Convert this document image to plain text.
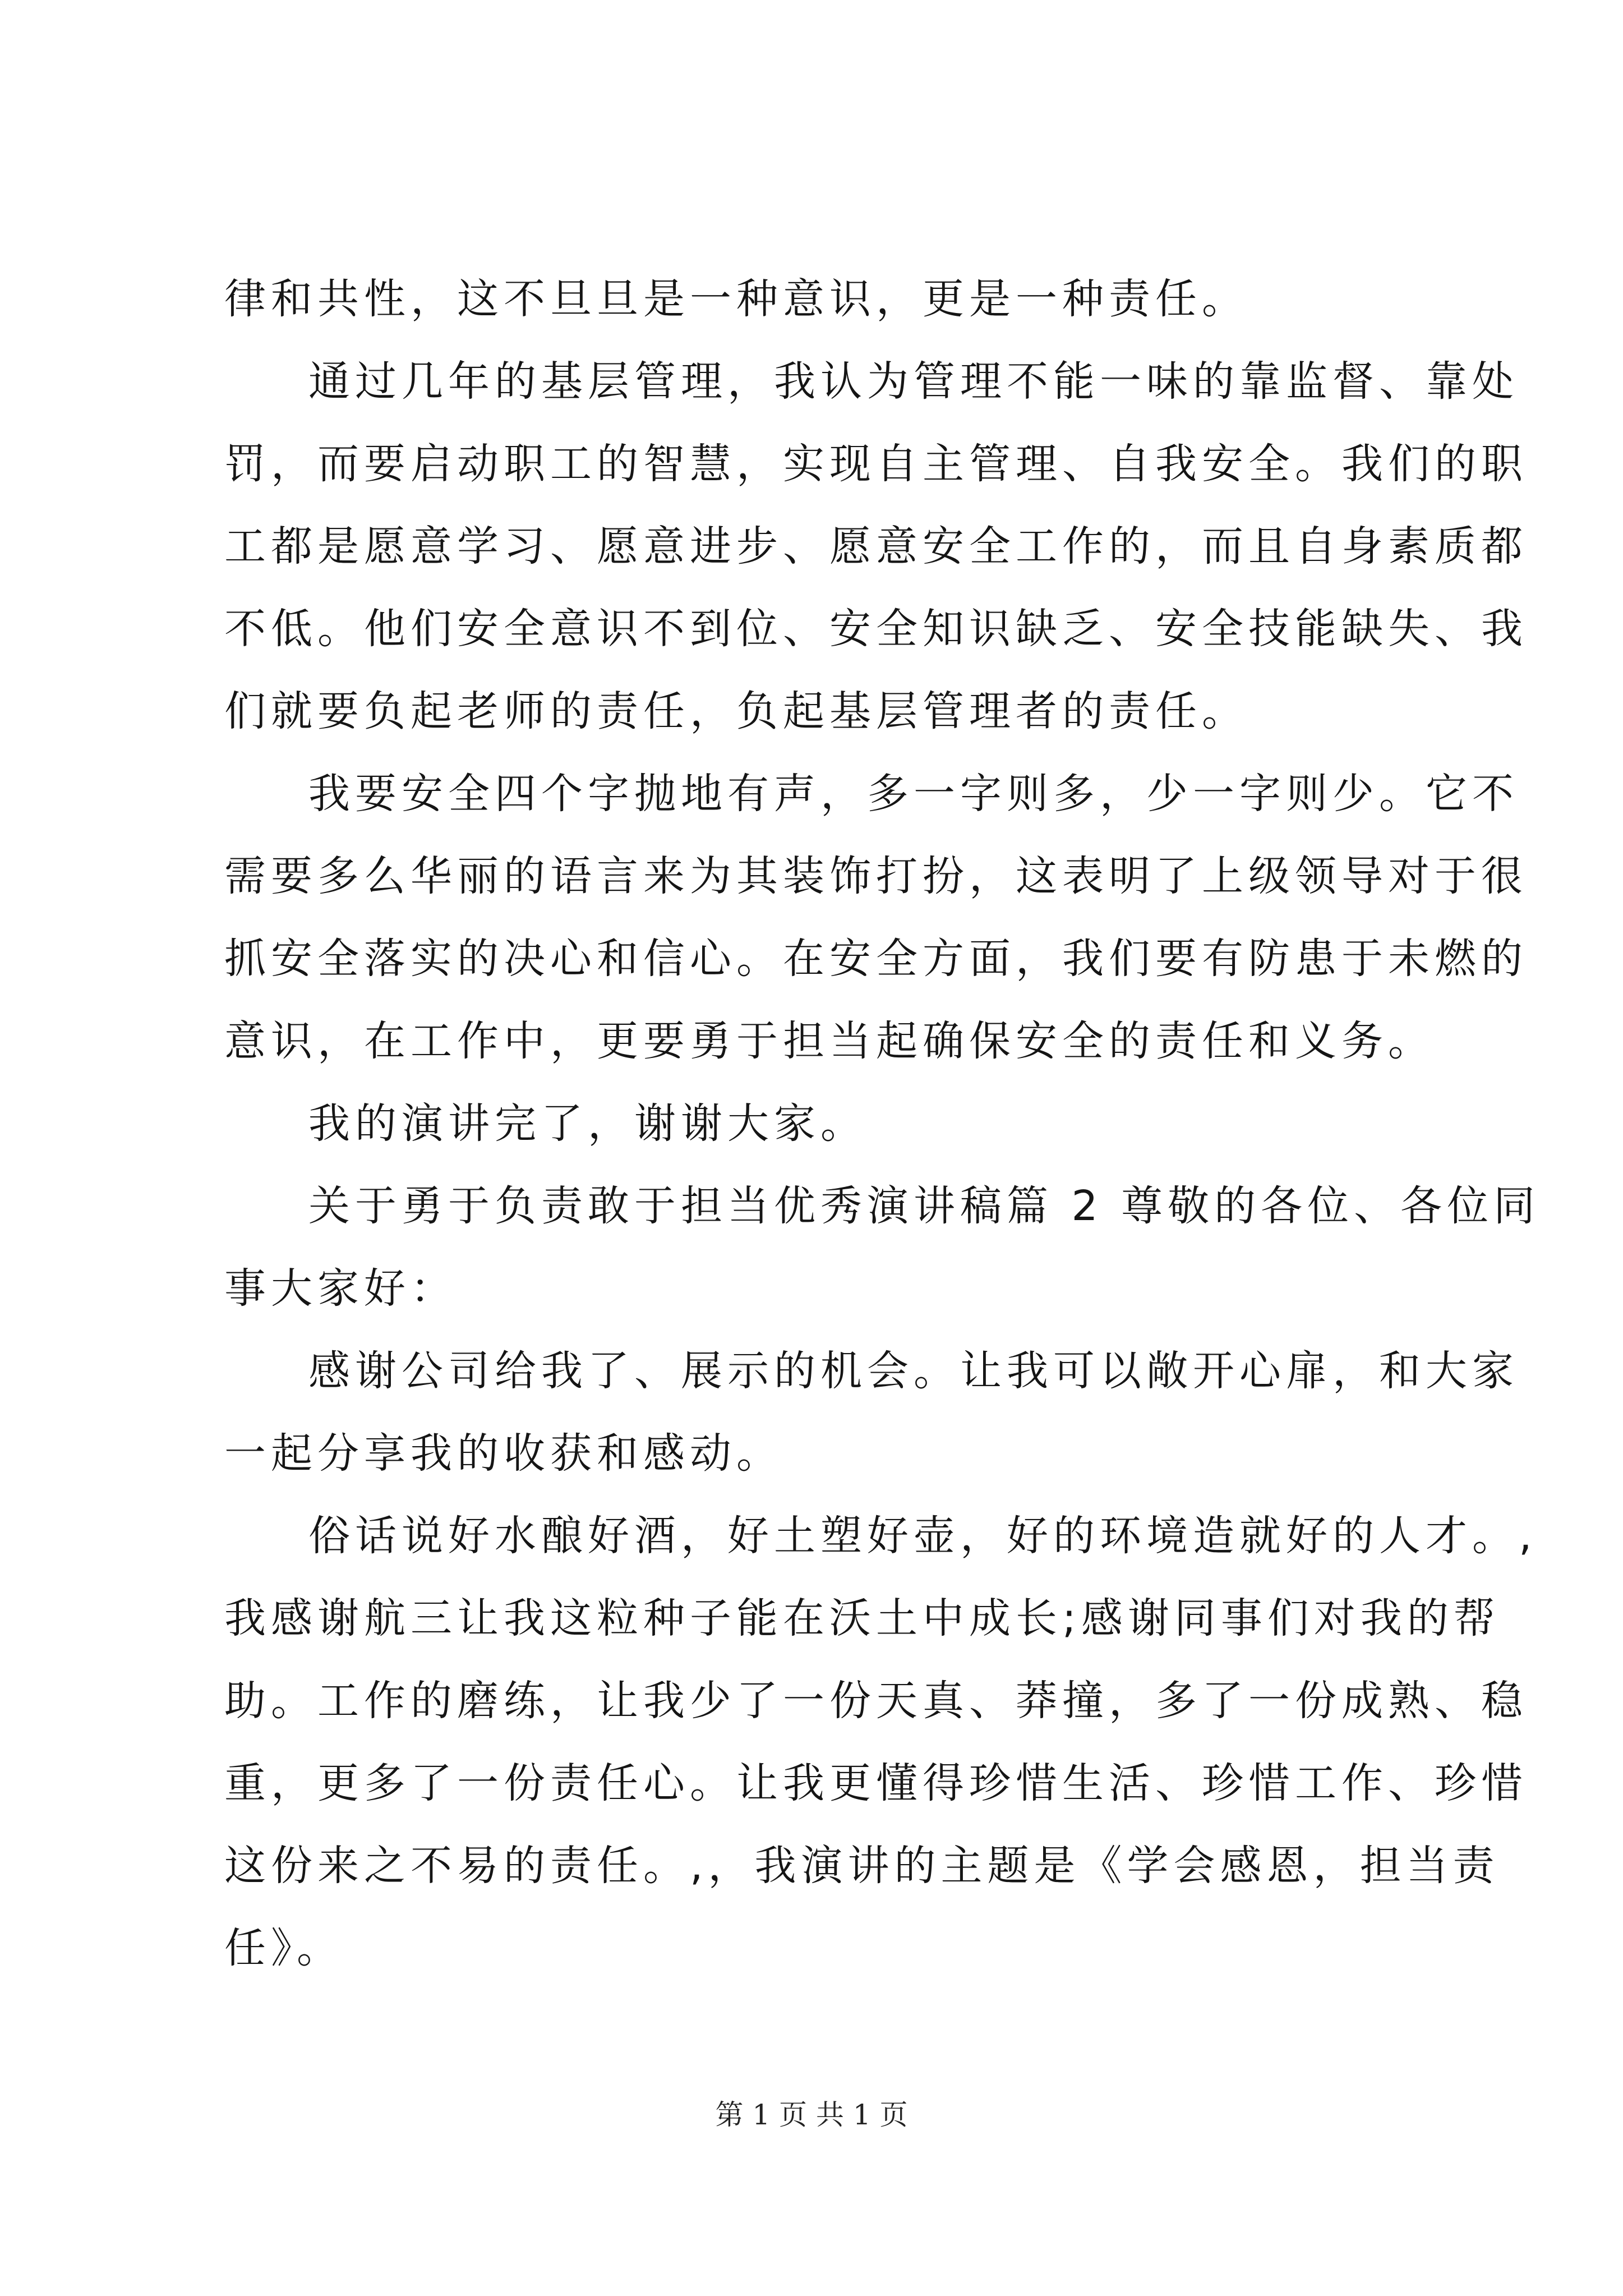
律和共性，这不旦旦是一种意识，更是一种责任。
通过几年的基层管理，我认为管理不能一味的靠监督、靠处
罚，而要启动职工的智慧，实现自主管理、自我安全。我们的职
工都是愿意学习、愿意进步、愿意安全工作的，而且自身素质都
不低。他们安全意识不到位、安全知识缺乏、安全技能缺失、我
们就要负起老师的责任，负起基层管理者的责任。
我要安全四个字抛地有声，多一字则多，少一字则少。它不
需要多么华丽的语言来为其装饰打扮，这表明了上级领导对于很
抓安全落实的决心和信心。在安全方面，我们要有防患于未燃的
意识，在工作中，更要勇于担当起确保安全的责任和义务。
我的演讲完了，谢谢大家。
关于勇于负责敢于担当优秀演讲稿篇 2 尊敬的各位、各位同
事大家好：
感谢公司给我了、展示的机会。让我可以敞开心扉，和大家
一起分享我的收获和感动。
俗话说好水酿好酒，好土塑好壶，好的环境造就好的人才。,
我感谢航三让我这粒种子能在沃土中成长;感谢同事们对我的帮
助。工作的磨练，让我少了一份天真、莽撞，多了一份成熟、稳
重，更多了一份责任心。让我更懂得珍惜生活、珍惜工作、珍惜
这份来之不易的责任。,，我演讲的主题是《学会感恩，担当责
任》。
第 1 页 共 1 页
